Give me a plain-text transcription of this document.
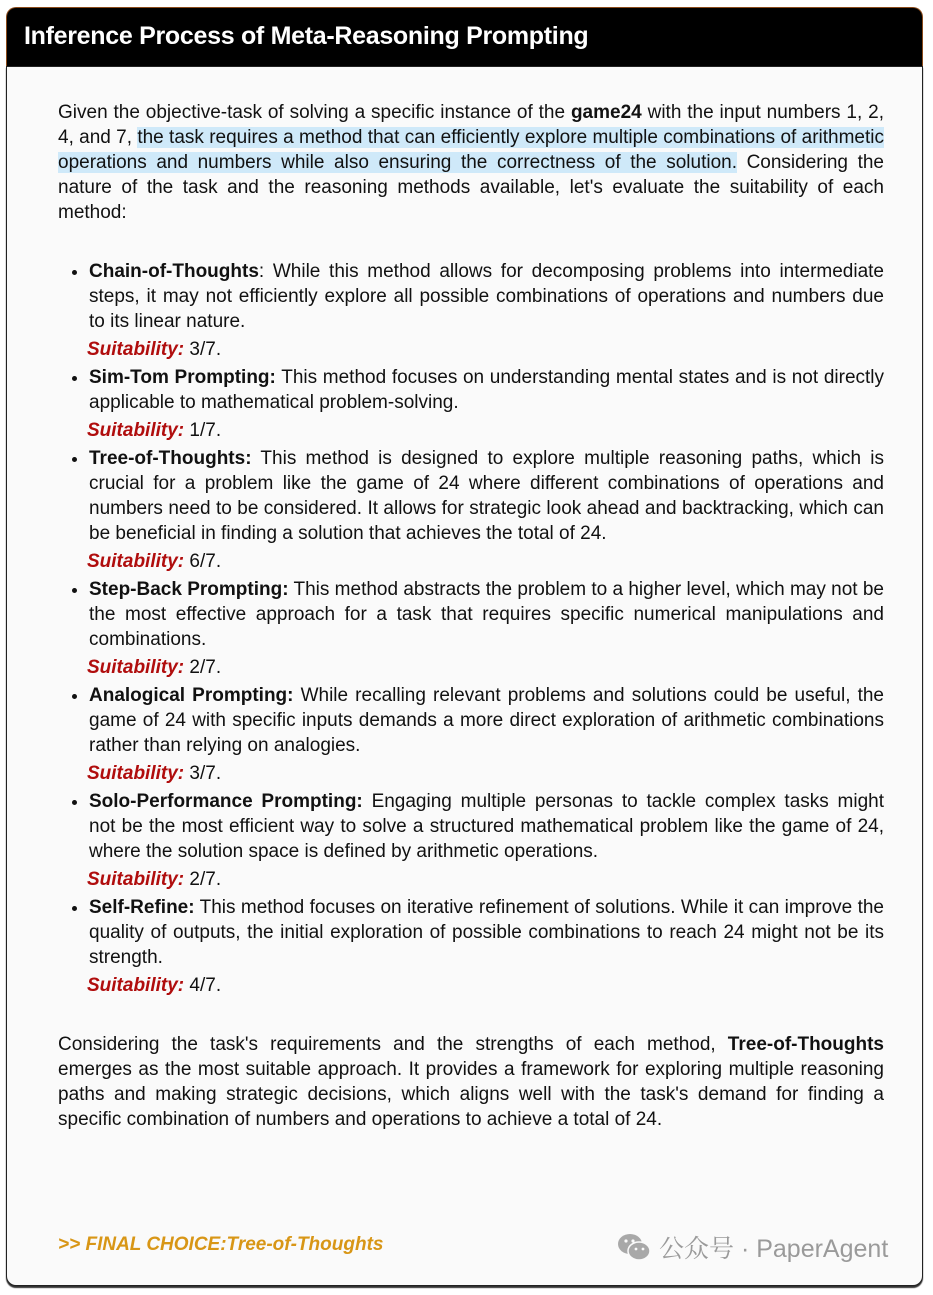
Inference Process of Meta-Reasoning Prompting

Given the objective-task of solving a specific instance of the game24 with the input numbers 1, 2, 4, and 7, the task requires a method that can efficiently explore multiple combinations of arithmetic operations and numbers while also ensuring the correctness of the solution. Considering the nature of the task and the reasoning methods available, let's evaluate the suitability of each method:

• Chain-of-Thoughts: While this method allows for decomposing problems into intermediate steps, it may not efficiently explore all possible combinations of operations and numbers due to its linear nature.
Suitability: 3/7.
• Sim-Tom Prompting: This method focuses on understanding mental states and is not directly applicable to mathematical problem-solving.
Suitability: 1/7.
• Tree-of-Thoughts: This method is designed to explore multiple reasoning paths, which is crucial for a problem like the game of 24 where different combinations of operations and numbers need to be considered. It allows for strategic look ahead and backtracking, which can be beneficial in finding a solution that achieves the total of 24.
Suitability: 6/7.
• Step-Back Prompting: This method abstracts the problem to a higher level, which may not be the most effective approach for a task that requires specific numerical manipulations and combinations.
Suitability: 2/7.
• Analogical Prompting: While recalling relevant problems and solutions could be useful, the game of 24 with specific inputs demands a more direct exploration of arithmetic combinations rather than relying on analogies.
Suitability: 3/7.
• Solo-Performance Prompting: Engaging multiple personas to tackle complex tasks might not be the most efficient way to solve a structured mathematical problem like the game of 24, where the solution space is defined by arithmetic operations.
Suitability: 2/7.
• Self-Refine: This method focuses on iterative refinement of solutions. While it can improve the quality of outputs, the initial exploration of possible combinations to reach 24 might not be its strength.
Suitability: 4/7.

Considering the task's requirements and the strengths of each method, Tree-of-Thoughts emerges as the most suitable approach. It provides a framework for exploring multiple reasoning paths and making strategic decisions, which aligns well with the task's demand for finding a specific combination of numbers and operations to achieve a total of 24.

>> FINAL CHOICE:Tree-of-Thoughts	公众号 · PaperAgent
